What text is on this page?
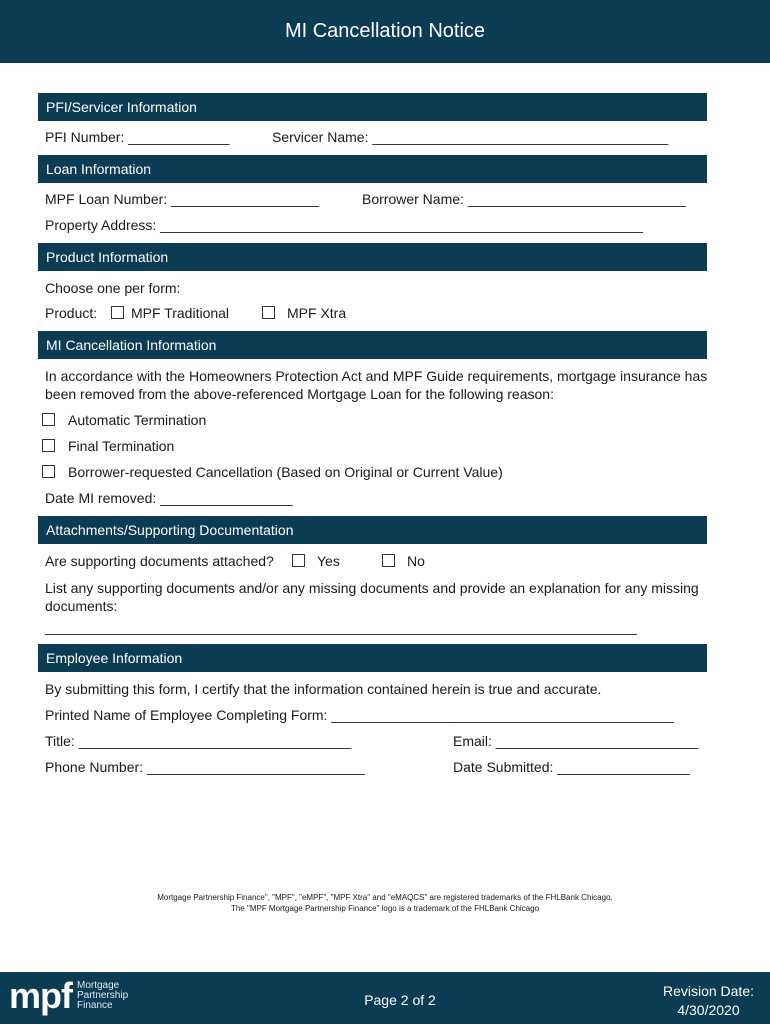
MI Cancellation Notice
PFI/Servicer Information
PFI Number: _____________	Servicer Name: ______________________________________
Loan Information
MPF Loan Number: ___________________	Borrower Name: ____________________________
Property Address: ______________________________________________________________
Product Information
Choose one per form:
Product: MPF Traditional	MPF Xtra
MI Cancellation Information
In accordance with the Homeowners Protection Act and MPF Guide requirements, mortgage insurance has
been removed from the above-referenced Mortgage Loan for the following reason:
Automatic Termination
Final Termination
Borrower-requested Cancellation (Based on Original or Current Value)
Date MI removed: _________________
Attachments/Supporting Documentation
Are supporting documents attached?	Yes	No
List any supporting documents and/or any missing documents and provide an explanation for any missing
documents:
____________________________________________________________________________
Employee Information
By submitting this form, I certify that the information contained herein is true and accurate.
Printed Name of Employee Completing Form: ____________________________________________
Title: ___________________________________	Email: __________________________
Phone Number: ____________________________	Date Submitted: _________________
Mortgage Partnership Finance", "MPF", "eMPF", "MPF Xtra" and "eMAQCS" are registered trademarks of the FHLBank Chicago.
The "MPF Mortgage Partnership Finance" logo is a trademark of the FHLBank Chicago
mpf Mortgage
Partnership
Finance	Page 2 of 2
Revision Date:
4/30/2020
